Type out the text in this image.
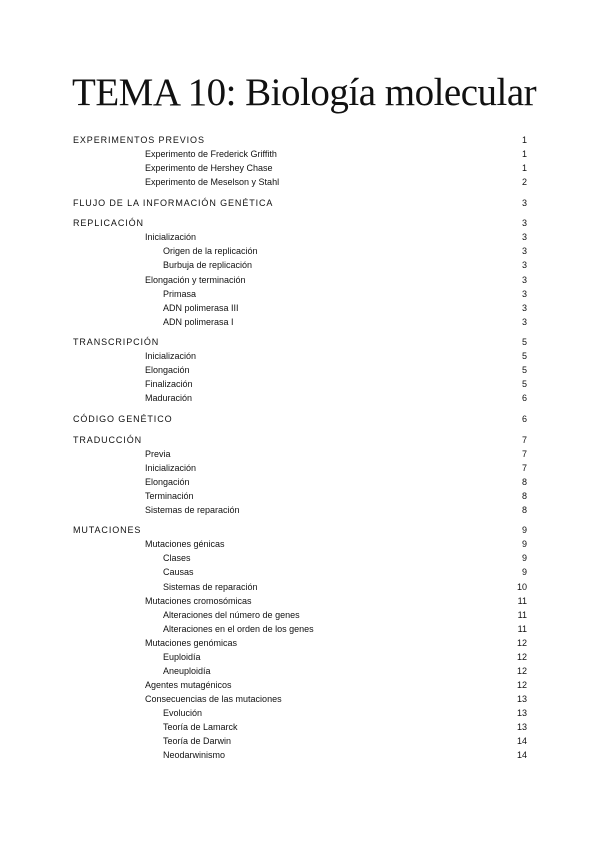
TEMA 10: Biología molecular
EXPERIMENTOS PREVIOS	1
Experimento de Frederick Griffith	1
Experimento de Hershey Chase	1
Experimento de Meselson y Stahl	2
FLUJO DE LA INFORMACIÓN GENÉTICA	3
REPLICACIÓN	3
Inicialización	3
Origen de la replicación	3
Burbuja de replicación	3
Elongación y terminación	3
Primasa	3
ADN polimerasa III	3
ADN polimerasa I	3
TRANSCRIPCIÓN	5
Inicialización	5
Elongación	5
Finalización	5
Maduración	6
CÓDIGO GENÉTICO	6
TRADUCCIÓN	7
Previa	7
Inicialización	7
Elongación	8
Terminación	8
Sistemas de reparación	8
MUTACIONES	9
Mutaciones génicas	9
Clases	9
Causas	9
Sistemas de reparación	10
Mutaciones cromosómicas	11
Alteraciones del número de genes	11
Alteraciones en el orden de los genes	11
Mutaciones genómicas	12
Euploidía	12
Aneuploidía	12
Agentes mutagénicos	12
Consecuencias de las mutaciones	13
Evolución	13
Teoría de Lamarck	13
Teoría de Darwin	14
Neodarwinismo	14
